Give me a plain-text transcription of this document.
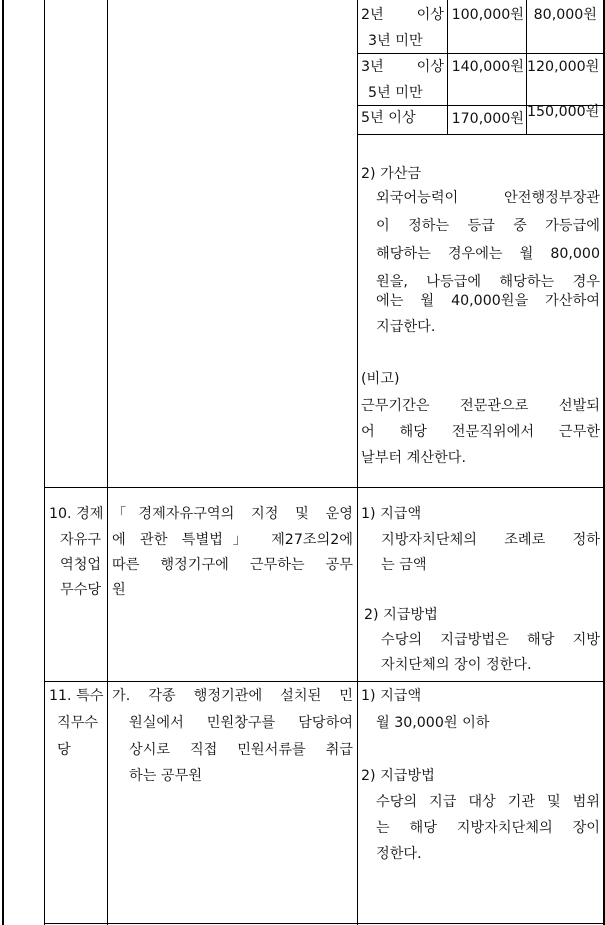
2년 이상
3년 미만
100,000원 80,000원
3년 이상
5년 미만
140,000원 120,000원
5년 이상	170,000원 150,000원
2) 가산금
외국어능력이 안전행정부장관
이 정하는 등급 중 가등급에
해당하는 경우에는 월 80,000
원을, 나등급에 해당하는 경우
에는 월 40,000원을 가산하여
지급한다.
(비고)
근무기간은 전문관으로 선발되
어 해당 전문직위에서 근무한
날부터 계산한다.
10. 경제
자유구
역청업
무수당
「경제자유구역의 지정 및 운영
에 관한 특별법」 제27조의2에
따른 행정기구에 근무하는 공무
원
1) 지급액
지방자치단체의 조례로 정하
는 금액
2) 지급방법
수당의 지급방법은 해당 지방
자치단체의 장이 정한다.
11. 특수
직무수
당
가. 각종 행정기관에 설치된 민
원실에서 민원창구를 담당하여
상시로 직접 민원서류를 취급
하는 공무원
1) 지급액
월 30,000원 이하
2) 지급방법
수당의 지급 대상 기관 및 범위
는 해당 지방자치단체의 장이
정한다.
